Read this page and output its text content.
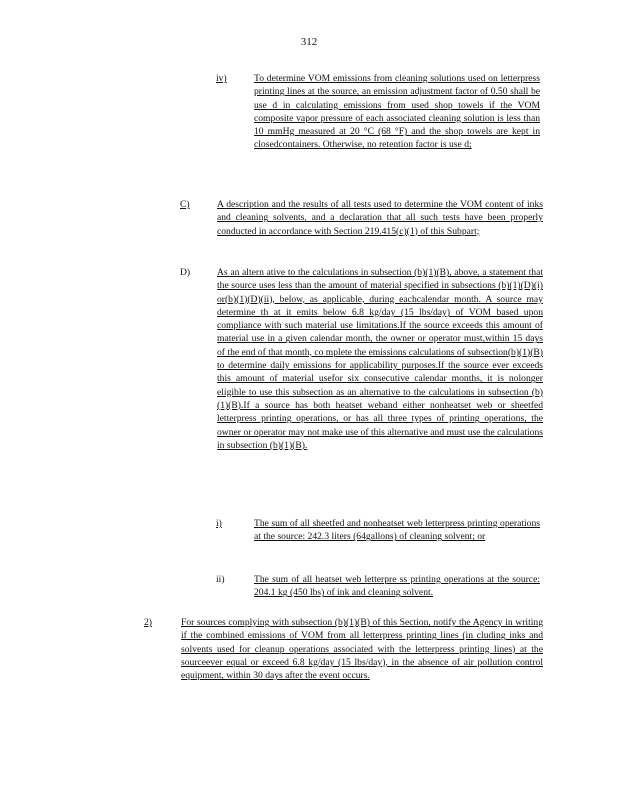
312
iv)	To determine VOM emissions from cleaning solutions used on letterpress printing lines at the source, an emission adjustment factor of 0.50 shall be use d in calculating emissions from used shop towels if the VOM composite vapor pressure of each associated cleaning solution is less than 10 mmHg measured at 20 °C (68 °F) and the shop towels are kept in closedcontainers. Otherwise, no retention factor is use d;
C)	A description and the results of all tests used to determine the VOM content of inks and cleaning solvents, and a declaration that all such tests have been properly conducted in accordance with Section 219.415(c)(1) of this Subpart;
D)	As an altern ative to the calculations in subsection (b)(1)(B), above, a statement that the source uses less than the amount of material specified in subsections (b)(1)(D)(i) or(b)(1)(D)(ii), below, as applicable, during eachcalendar month. A source may determine th at it emits below 6.8 kg/day (15 lbs/day) of VOM based upon compliance with such material use limitations.If the source exceeds this amount of material use in a given calendar month, the owner or operator must,within 15 days of the end of that month, co mplete the emissions calculations of subsection(b)(1)(B) to determine daily emissions for applicability purposes.If the source ever exceeds this amount of material usefor six consecutive calendar months, it is nolonger eligible to use this subsection as an alternative to the calculations in subsection (b)(1)(B).If a source has both heatset weband either nonheatset web or sheetfed letterpress printing operations, or has all three types of printing operations, the owner or operator may not make use of this alternative and must use the calculations in subsection (b)(1)(B).
i)	The sum of all sheetfed and nonheatset web letterpress printing operations at the source: 242.3 liters (64gallons) of cleaning solvent; or
ii)	The sum of all heatset web letterpre ss printing operations at the source: 204.1 kg (450 lbs) of ink and cleaning solvent.
2)	For sources complying with subsection (b)(1)(B) of this Section, notify the Agency in writing if the combined emissions of VOM from all letterpress printing lines (in cluding inks and solvents used for cleanup operations associated with the letterpress printing lines) at the sourceever equal or exceed 6.8 kg/day (15 lbs/day), in the absence of air pollution control equipment, within 30 days after the event occurs.
